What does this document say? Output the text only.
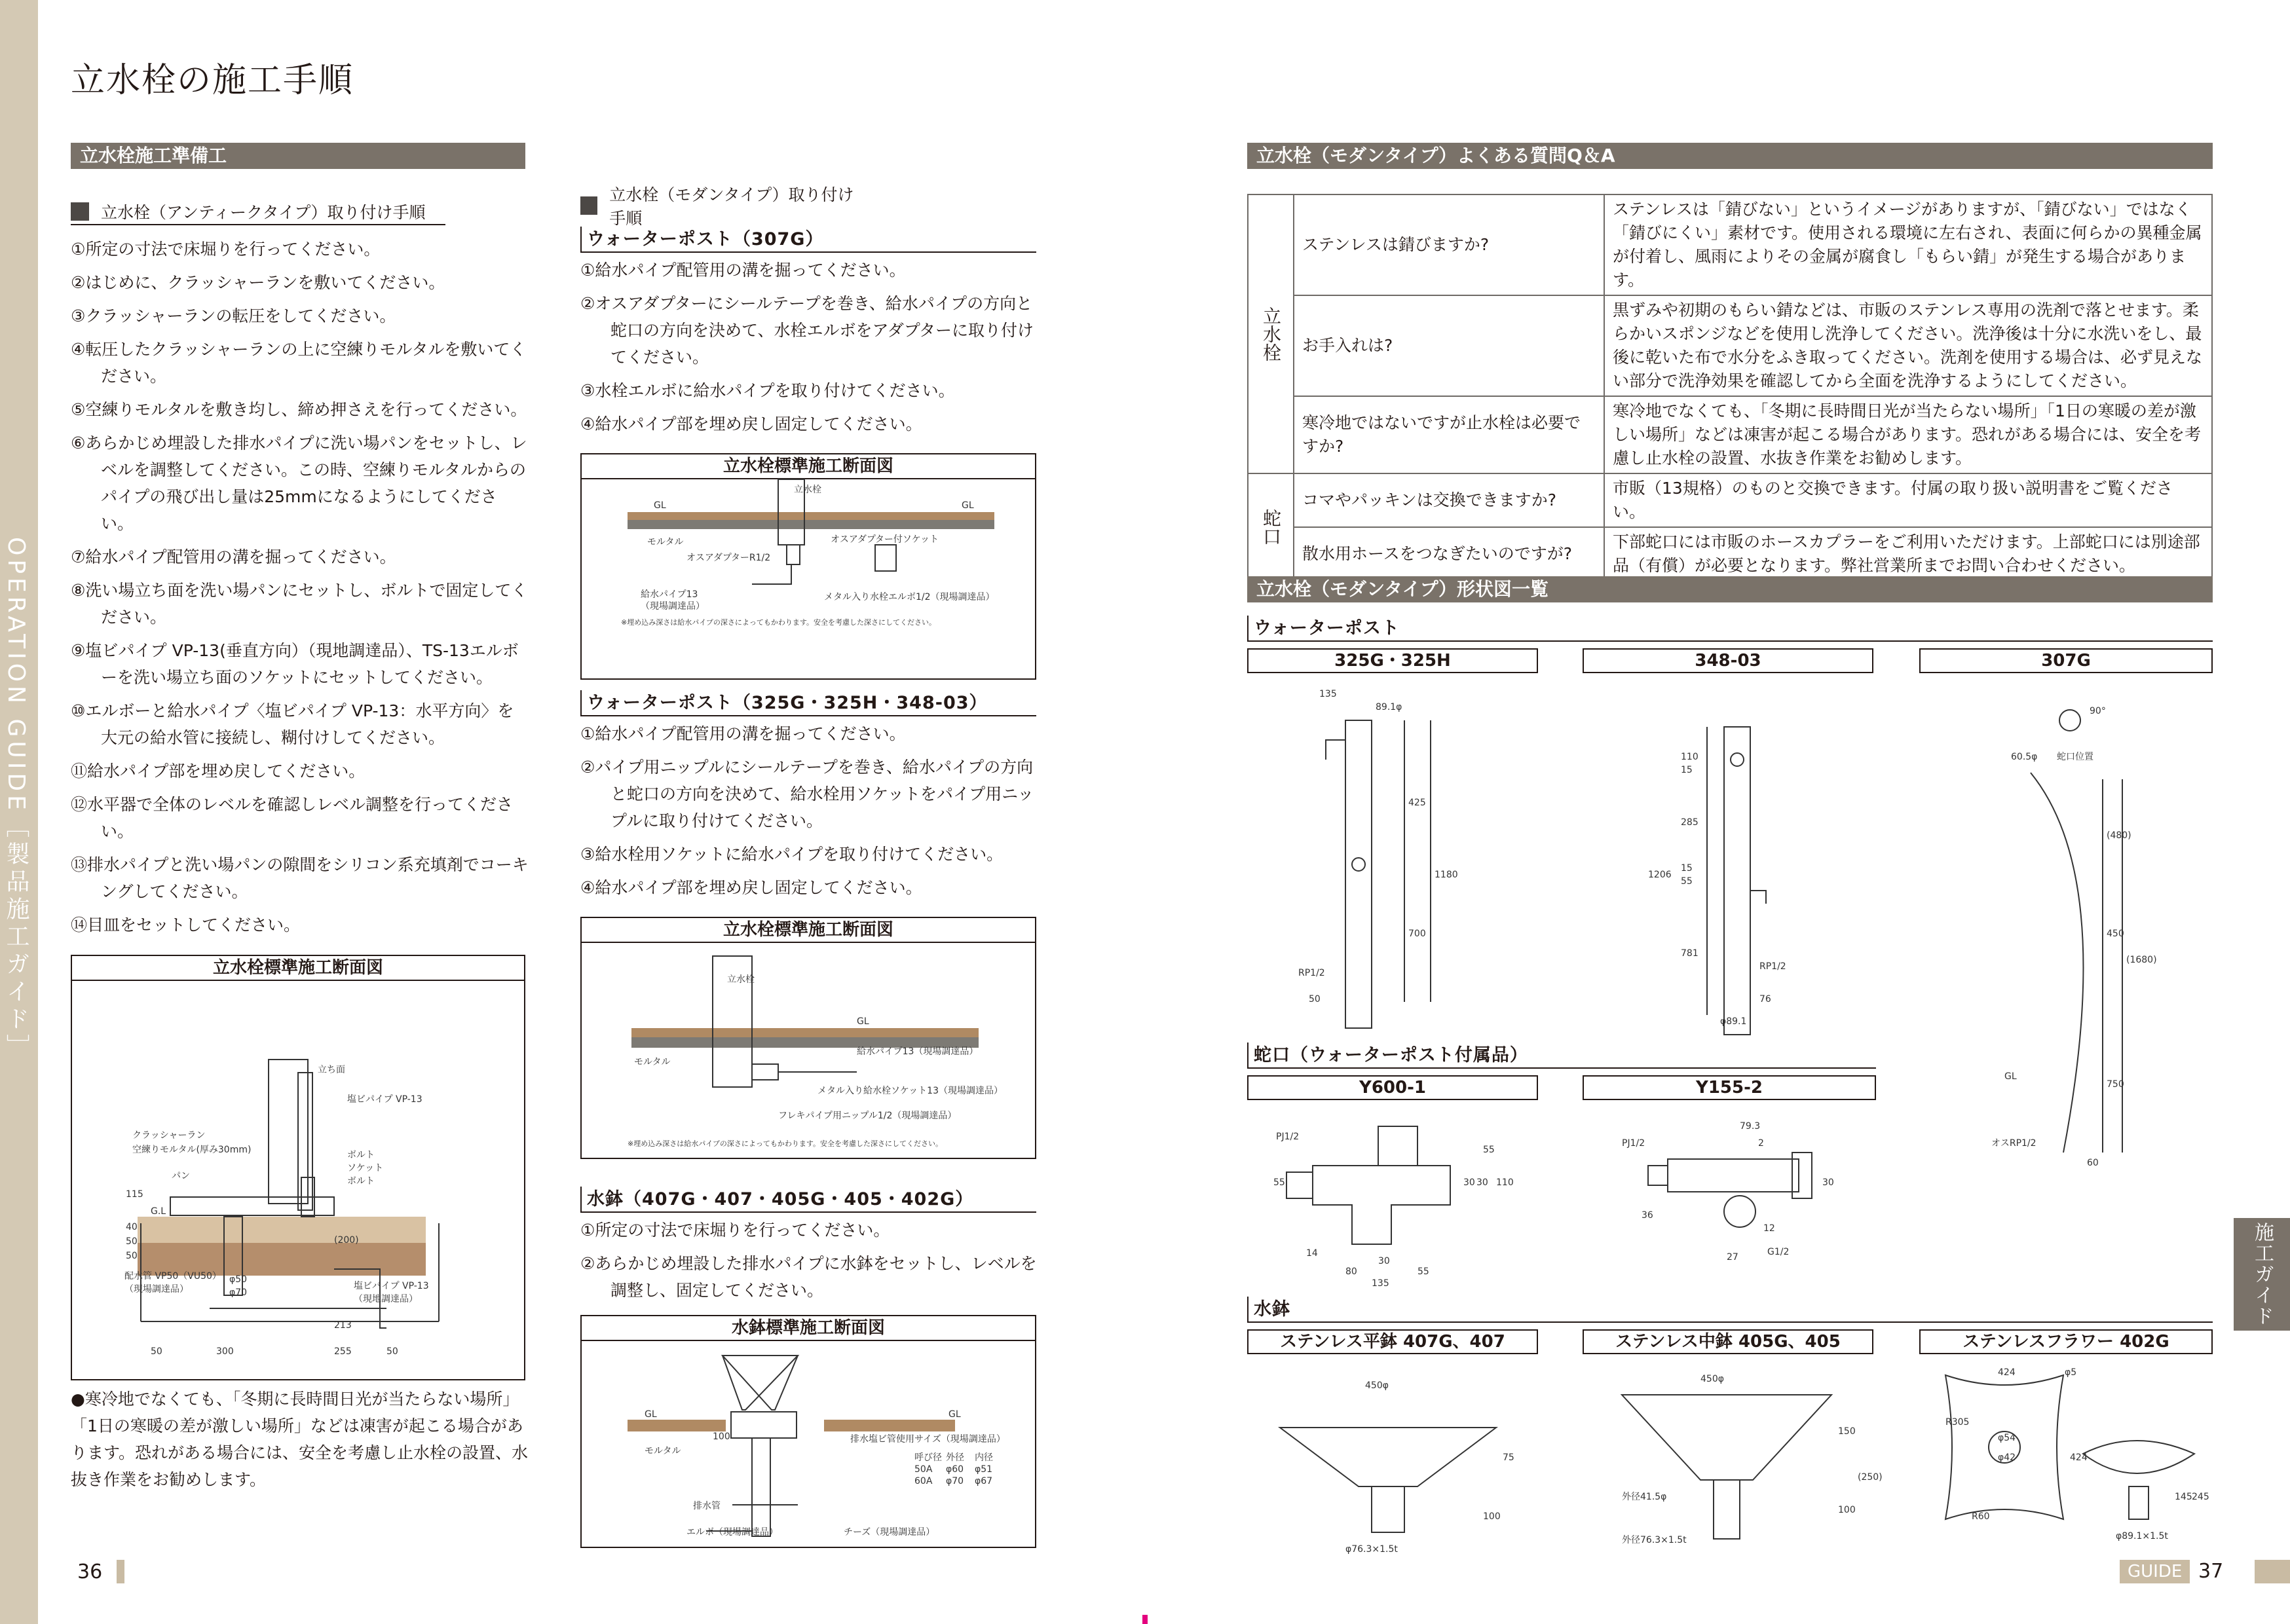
OPERATION GUIDE［製品施工ガイド］
立水栓の施工手順
立水栓施工準備工
立水栓（アンティークタイプ）取り付け手順
①所定の寸法で床堀りを行ってください。
②はじめに、クラッシャーランを敷いてください。
③クラッシャーランの転圧をしてください。
④転圧したクラッシャーランの上に空練りモルタルを敷いてください。
⑤空練りモルタルを敷き均し、締め押さえを行ってください。
⑥あらかじめ埋設した排水パイプに洗い場パンをセットし、レベルを調整してください。この時、空練りモルタルからのパイプの飛び出し量は25mmになるようにしてください。
⑦給水パイプ配管用の溝を掘ってください。
⑧洗い場立ち面を洗い場パンにセットし、ボルトで固定してください。
⑨塩ビパイプ VP-13(垂直方向）（現地調達品）、TS-13エルボーを洗い場立ち面のソケットにセットしてください。
⑩エルボーと給水パイプ〈塩ビパイプ VP-13：水平方向〉を大元の給水管に接続し、糊付けしてください。
⑪給水パイプ部を埋め戻してください。
⑫水平器で全体のレベルを確認しレベル調整を行ってください。
⑬排水パイプと洗い場パンの隙間をシリコン系充填剤でコーキングしてください。
⑭目皿をセットしてください。
立水栓標準施工断面図
立ち面
塩ビパイプ VP-13
クラッシャーラン
空練りモルタル(厚み30mm)
パン
ボルト
ソケット
ボルト
G.L
配水管 VP50（VU50）
（現場調達品）	塩ビパイプ VP-13
（現地調達品）
φ50
φ70
(200)
213
50	300	255	50
115
40
50
50
●寒冷地でなくても、「冬期に長時間日光が当たらない場所」「1日の寒暖の差が激しい場所」などは凍害が起こる場合があります。恐れがある場合には、安全を考慮し止水栓の設置、水抜き作業をお勧めします。
立水栓（モダンタイプ）取り付け手順
ウォーターポスト（307G）
①給水パイプ配管用の溝を掘ってください。
②オスアダプターにシールテープを巻き、給水パイプの方向と蛇口の方向を決めて、水栓エルボをアダプターに取り付けてください。
③水栓エルボに給水パイプを取り付けてください。
④給水パイプ部を埋め戻し固定してください。
立水栓標準施工断面図
立水栓
GL	GL
モルタル	オスアダプター付ソケット
オスアダプターR1/2
給水パイプ13
（現場調達品）
メタル入り水栓エルボ1/2（現場調達品）
※埋め込み深さは給水パイプの深さによってもかわります。安全を考慮した深さにしてください。
ウォーターポスト（325G・325H・348-03）
①給水パイプ配管用の溝を掘ってください。
②パイプ用ニップルにシールテープを巻き、給水パイプの方向と蛇口の方向を決めて、給水栓用ソケットをパイプ用ニップルに取り付けてください。
③給水栓用ソケットに給水パイプを取り付けてください。
④給水パイプ部を埋め戻し固定してください。
立水栓標準施工断面図
立水栓
GL
モルタル
給水パイプ13（現場調達品）
メタル入り給水栓ソケット13（現場調達品）
フレキパイプ用ニップル1/2（現場調達品）
※埋め込み深さは給水パイプの深さによってもかわります。安全を考慮した深さにしてください。
水鉢（407G・407・405G・405・402G）
①所定の寸法で床堀りを行ってください。
②あらかじめ埋設した排水パイプに水鉢をセットし、レベルを調整し、固定してください。
水鉢標準施工断面図
GL	GL
100
モルタル
排水塩ビ管使用サイズ（現場調達品）
呼び径 外径 内径
50A φ60 φ51
60A φ70 φ67
排水管
エルボ（現場調達品）	チーズ（現場調達品）
36
立水栓（モダンタイプ）よくある質問Q＆A
立水栓	ステンレスは錆びますか?	ステンレスは「錆びない」というイメージがありますが、「錆びない」ではなく「錆びにくい」素材です。使用される環境に左右され、表面に何らかの異種金属が付着し、風雨によりその金属が腐食し「もらい錆」が発生する場合があります。
	お手入れは?	黒ずみや初期のもらい錆などは、市販のステンレス専用の洗剤で落とせます。柔らかいスポンジなどを使用し洗浄してください。洗浄後は十分に水洗いをし、最後に乾いた布で水分をふき取ってください。洗剤を使用する場合は、必ず見えない部分で洗浄効果を確認してから全面を洗浄するようにしてください。
	寒冷地ではないですが止水栓は必要ですか?	寒冷地でなくても、「冬期に長時間日光が当たらない場所」「1日の寒暖の差が激しい場所」などは凍害が起こる場合があります。恐れがある場合には、安全を考慮し止水栓の設置、水抜き作業をお勧めします。
蛇口	コマやパッキンは交換できますか?	市販（13規格）のものと交換できます。付属の取り扱い説明書をご覧ください。
	散水用ホースをつなぎたいのですが?	下部蛇口には市販のホースカプラーをご利用いただけます。上部蛇口には別途部品（有償）が必要となります。弊社営業所までお問い合わせください。
立水栓（モダンタイプ）形状図一覧
ウォーターポスト
325G・325H	348-03	307G
135
89.1φ
425
1180
700
RP1/2
50
110
15
285
15
55
1206
781
RP1/2
76
φ89.1
60.5φ
90°
蛇口位置
(480)
450
(1680)
750
GL
オスRP1/2
60
蛇口（ウォーターポスト付属品）
Y600-1	Y155-2
PJ1/2
55
55
110
30 30
14
30
80	55
135
PJ1/2
79.3
2
36
30
12
27	G1/2
水鉢
ステンレス平鉢 407G、407	ステンレス中鉢 405G、405	ステンレスフラワー 402G
450φ
75
100
φ76.3×1.5t
450φ
150
(250)
100
外径41.5φ
外径76.3×1.5t
424	φ5
R305
φ54
φ42	424
R60
145 245
φ89.1×1.5t
施工ガイド
GUIDE 37
